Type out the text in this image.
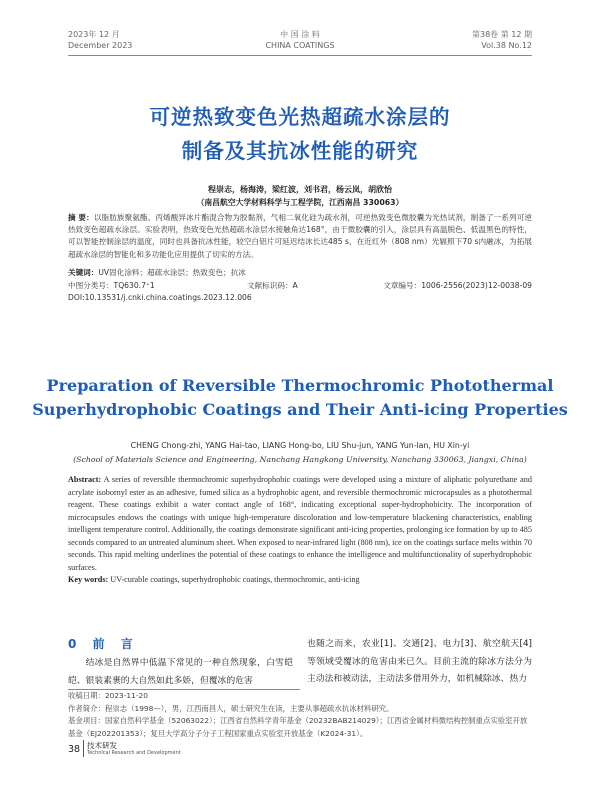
2023年 12 月
December 2023
中 国 涂 料
CHINA COATINGS
第38卷 第 12 期
Vol.38 No.12
可逆热致变色光热超疏水涂层的
制备及其抗冰性能的研究
程崇志，杨海涛，梁红波，刘书君，杨云岚，胡欣怡
（南昌航空大学材料科学与工程学院，江西南昌 330063）
摘 要：以脂肪族聚氨酯、丙烯酸异冰片酯混合物为胶黏剂，气相二氧化硅为疏水剂，可逆热致变色微胶囊为光热试剂，制备了一系列可逆热致变色超疏水涂层。实验表明，热致变色光热超疏水涂层水接触角达168°，由于微胶囊的引入，涂层具有高温脱色、低温黑色的特性，可以智能控制涂层的温度，同时也具备抗冰性能，较空白铝片可延迟结冰长达485 s，在近红外（808 nm）光辐照下70 s内融冰，为拓展超疏水涂层的智能化和多功能化应用提供了切实的方法。
关键词：UV固化涂料；超疏水涂层；热致变色；抗冰
中图分类号：TQ630.7⁺1	文献标识码：A	文章编号：1006-2556(2023)12-0038-09
DOI:10.13531/j.cnki.china.coatings.2023.12.006
Preparation of Reversible Thermochromic Photothermal
Superhydrophobic Coatings and Their Anti-icing Properties
CHENG Chong-zhi, YANG Hai-tao, LIANG Hong-bo, LIU Shu-jun, YANG Yun-lan, HU Xin-yi
(School of Materials Science and Engineering, Nanchang Hangkong University, Nanchang 330063, Jiangxi, China)
Abstract: A series of reversible thermochromic superhydrophobic coatings were developed using a mixture of aliphatic polyurethane and acrylate isobornyl ester as an adhesive, fumed silica as a hydrophobic agent, and reversible thermochromic microcapsules as a photothermal reagent. These coatings exhibit a water contact angle of 168°, indicating exceptional super-hydrophobicity. The incorporation of microcapsules endows the coatings with unique high-temperature discoloration and low-temperature blackening characteristics, enabling intelligent temperature control. Additionally, the coatings demonstrate significant anti-icing properties, prolonging ice formation by up to 485 seconds compared to an untreated aluminum sheet. When exposed to near-infrared light (808 nm), ice on the coatings surface melts within 70 seconds. This rapid melting underlines the potential of these coatings to enhance the intelligence and multifunctionality of superhydrophobic surfaces.
Key words: UV-curable coatings, superhydrophobic coatings, thermochromic, anti-icing
0 前 言
结冰是自然界中低温下常见的一种自然现象，白雪皑皑、银装素裹的大自然如此多娇，但覆冰的危害
也随之而来，农业[1]、交通[2]、电力[3]、航空航天[4]等领域受覆冰的危害由来已久。目前主流的除冰方法分为主动法和被动法，主动法多借用外力，如机械除冰、热力
收稿日期：2023-11-20
作者简介：程崇志（1998—），男，江西南昌人，硕士研究生在读，主要从事超疏水抗冰材料研究。
基金项目：国家自然科学基金（52063022）；江西省自然科学青年基金（20232BAB214029）；江西省金属材料微结构控制重点实验室开放基金（EJ202201353）；复旦大学高分子分子工程国家重点实验室开放基金（K2024-31）。
38 技术研发
Technical Research and Development
